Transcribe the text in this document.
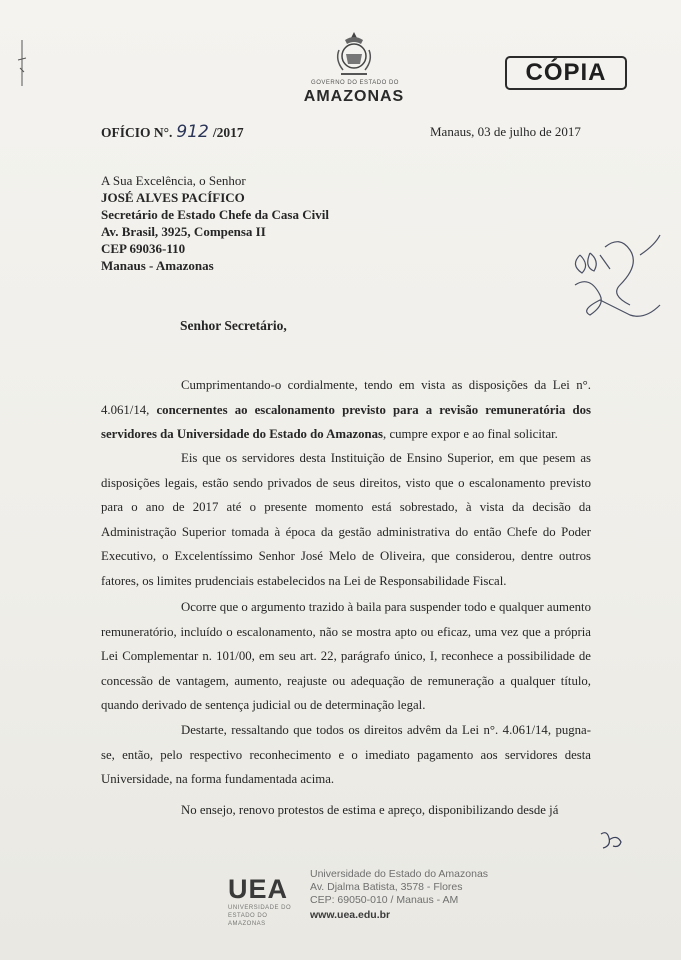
GOVERNO DO ESTADO DO
AMAZONAS
CÓPIA
OFÍCIO N°. 912 /2017	Manaus, 03 de julho de 2017
A Sua Excelência, o Senhor
JOSÉ ALVES PACÍFICO
Secretário de Estado Chefe da Casa Civil
Av. Brasil, 3925, Compensa II
CEP 69036-110
Manaus - Amazonas
Senhor Secretário,
Cumprimentando-o cordialmente, tendo em vista as disposições da Lei n°. 4.061/14, concernentes ao escalonamento previsto para a revisão remuneratória dos servidores da Universidade do Estado do Amazonas, cumpre expor e ao final solicitar.
Eis que os servidores desta Instituição de Ensino Superior, em que pesem as disposições legais, estão sendo privados de seus direitos, visto que o escalonamento previsto para o ano de 2017 até o presente momento está sobrestado, à vista da decisão da Administração Superior tomada à época da gestão administrativa do então Chefe do Poder Executivo, o Excelentíssimo Senhor José Melo de Oliveira, que considerou, dentre outros fatores, os limites prudenciais estabelecidos na Lei de Responsabilidade Fiscal.
Ocorre que o argumento trazido à baila para suspender todo e qualquer aumento remuneratório, incluído o escalonamento, não se mostra apto ou eficaz, uma vez que a própria Lei Complementar n. 101/00, em seu art. 22, parágrafo único, I, reconhece a possibilidade de concessão de vantagem, aumento, reajuste ou adequação de remuneração a qualquer título, quando derivado de sentença judicial ou de determinação legal.
Destarte, ressaltando que todos os direitos advêm da Lei n°. 4.061/14, pugna-se, então, pelo respectivo reconhecimento e o imediato pagamento aos servidores desta Universidade, na forma fundamentada acima.
No ensejo, renovo protestos de estima e apreço, disponibilizando desde já
UEA
UNIVERSIDADE DO ESTADO DO AMAZONAS
Universidade do Estado do Amazonas
Av. Djalma Batista, 3578 - Flores
CEP: 69050-010 / Manaus - AM
www.uea.edu.br
